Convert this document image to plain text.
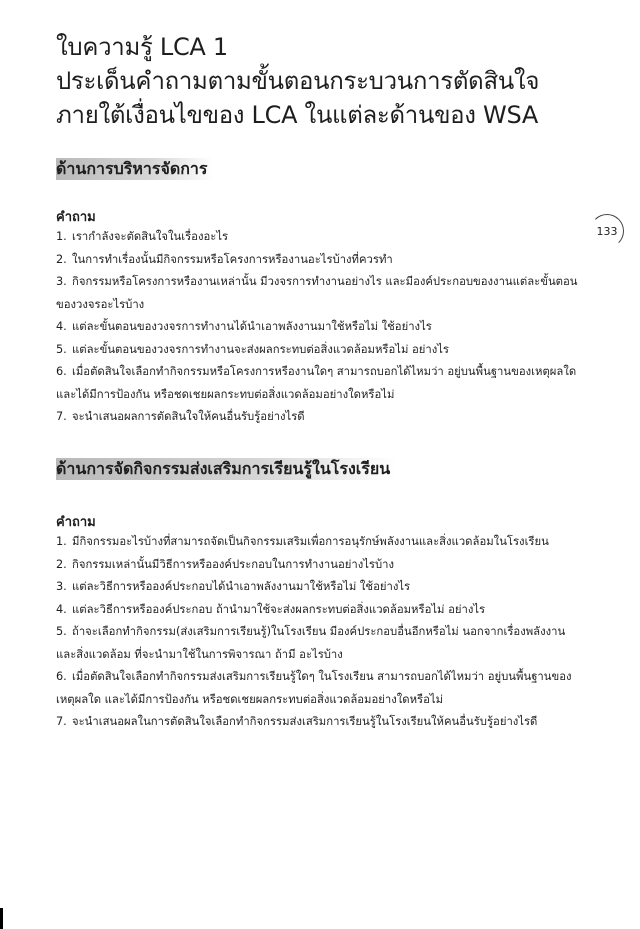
ใบความรู้ LCA 1
ประเด็นคำถามตามขั้นตอนกระบวนการตัดสินใจ
ภายใต้เงื่อนไขของ LCA ในแต่ละด้านของ WSA
133
ด้านการบริหารจัดการ
คำถาม
1. เรากำลังจะตัดสินใจในเรื่องอะไร
2. ในการทำเรื่องนั้นมีกิจกรรมหรือโครงการหรืองานอะไรบ้างที่ควรทำ
3. กิจกรรมหรือโครงการหรืองานเหล่านั้น มีวงจรการทำงานอย่างไร และมีองค์ประกอบของงานแต่ละขั้นตอนของวงจรอะไรบ้าง
4. แต่ละขั้นตอนของวงจรการทำงานได้นำเอาพลังงานมาใช้หรือไม่ ใช้อย่างไร
5. แต่ละขั้นตอนของวงจรการทำงานจะส่งผลกระทบต่อสิ่งแวดล้อมหรือไม่ อย่างไร
6. เมื่อตัดสินใจเลือกทำกิจกรรมหรือโครงการหรืองานใดๆ สามารถบอกได้ไหมว่า อยู่บนพื้นฐานของเหตุผลใด และได้มีการป้องกัน หรือชดเชยผลกระทบต่อสิ่งแวดล้อมอย่างใดหรือไม่
7. จะนำเสนอผลการตัดสินใจให้คนอื่นรับรู้อย่างไรดี
ด้านการจัดกิจกรรมส่งเสริมการเรียนรู้ในโรงเรียน
คำถาม
1. มีกิจกรรมอะไรบ้างที่สามารถจัดเป็นกิจกรรมเสริมเพื่อการอนุรักษ์พลังงานและสิ่งแวดล้อมในโรงเรียน
2. กิจกรรมเหล่านั้นมีวิธีการหรือองค์ประกอบในการทำงานอย่างไรบ้าง
3. แต่ละวิธีการหรือองค์ประกอบได้นำเอาพลังงานมาใช้หรือไม่ ใช้อย่างไร
4. แต่ละวิธีการหรือองค์ประกอบ ถ้านำมาใช้จะส่งผลกระทบต่อสิ่งแวดล้อมหรือไม่ อย่างไร
5. ถ้าจะเลือกทำกิจกรรม(ส่งเสริมการเรียนรู้)ในโรงเรียน มีองค์ประกอบอื่นอีกหรือไม่ นอกจากเรื่องพลังงานและสิ่งแวดล้อม ที่จะนำมาใช้ในการพิจารณา ถ้ามี อะไรบ้าง
6. เมื่อตัดสินใจเลือกทำกิจกรรมส่งเสริมการเรียนรู้ใดๆ ในโรงเรียน สามารถบอกได้ไหมว่า อยู่บนพื้นฐานของเหตุผลใด และได้มีการป้องกัน หรือชดเชยผลกระทบต่อสิ่งแวดล้อมอย่างใดหรือไม่
7. จะนำเสนอผลในการตัดสินใจเลือกทำกิจกรรมส่งเสริมการเรียนรู้ในโรงเรียนให้คนอื่นรับรู้อย่างไรดี
